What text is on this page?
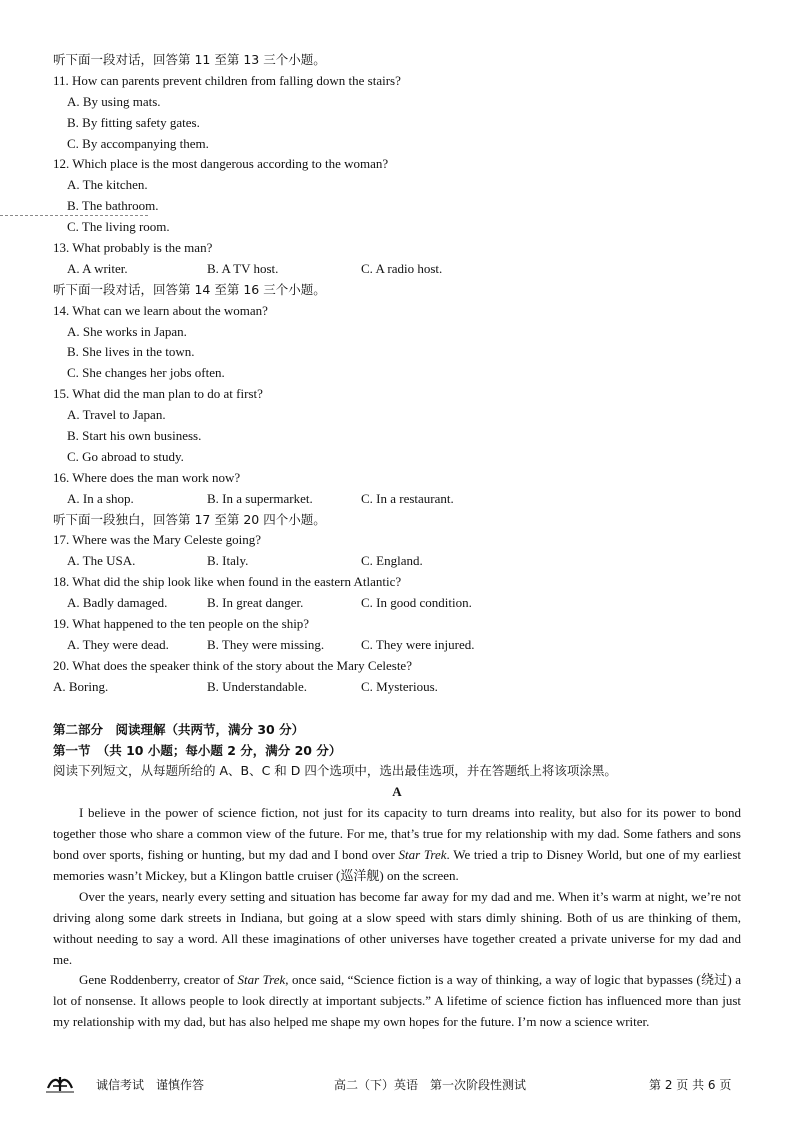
听下面一段对话，回答第 11 至第 13 三个小题。
11. How can parents prevent children from falling down the stairs?
A. By using mats.
B. By fitting safety gates.
C. By accompanying them.
12. Which place is the most dangerous according to the woman?
A. The kitchen.
B. The bathroom.
C. The living room.
13. What probably is the man?
A. A writer.	B. A TV host.	C. A radio host.
听下面一段对话，回答第 14 至第 16 三个小题。
14. What can we learn about the woman?
A. She works in Japan.
B. She lives in the town.
C. She changes her jobs often.
15. What did the man plan to do at first?
A. Travel to Japan.
B. Start his own business.
C. Go abroad to study.
16. Where does the man work now?
A. In a shop.	B. In a supermarket.	C. In a restaurant.
听下面一段独白，回答第 17 至第 20 四个小题。
17. Where was the Mary Celeste going?
A. The USA.	B. Italy.	C. England.
18. What did the ship look like when found in the eastern Atlantic?
A. Badly damaged.	B. In great danger.	C. In good condition.
19. What happened to the ten people on the ship?
A. They were dead.	B. They were missing.	C. They were injured.
20. What does the speaker think of the story about the Mary Celeste?
A. Boring.	B. Understandable.	C. Mysterious.
第二部分　阅读理解（共两节，满分 30 分）
第一节　（共 10 小题；每小题 2 分，满分 20 分）
阅读下列短文，从每题所给的 A、B、C 和 D 四个选项中，选出最佳选项，并在答题纸上将该项涂黑。
A

I believe in the power of science fiction, not just for its capacity to turn dreams into reality, but also for its power to bond together those who share a common view of the future. For me, that’s true for my relationship with my dad. Some fathers and sons bond over sports, fishing or hunting, but my dad and I bond over Star Trek. We tried a trip to Disney World, but one of my earliest memories wasn’t Mickey, but a Klingon battle cruiser (巡洋舰) on the screen.

Over the years, nearly every setting and situation has become far away for my dad and me. When it’s warm at night, we’re not driving along some dark streets in Indiana, but going at a slow speed with stars dimly shining. Both of us are thinking of them, without needing to say a word. All these imaginations of other universes have together created a private universe for my dad and me.

Gene Roddenberry, creator of Star Trek, once said, “Science fiction is a way of thinking, a way of logic that bypasses (绕过) a lot of nonsense. It allows people to look directly at important subjects.” A lifetime of science fiction has influenced more than just my relationship with my dad, but has also helped me shape my own hopes for the future. I’m now a science writer.

诚信考试　谨慎作答	高二（下）英语　第一次阶段性测试	第 2 页 共 6 页
